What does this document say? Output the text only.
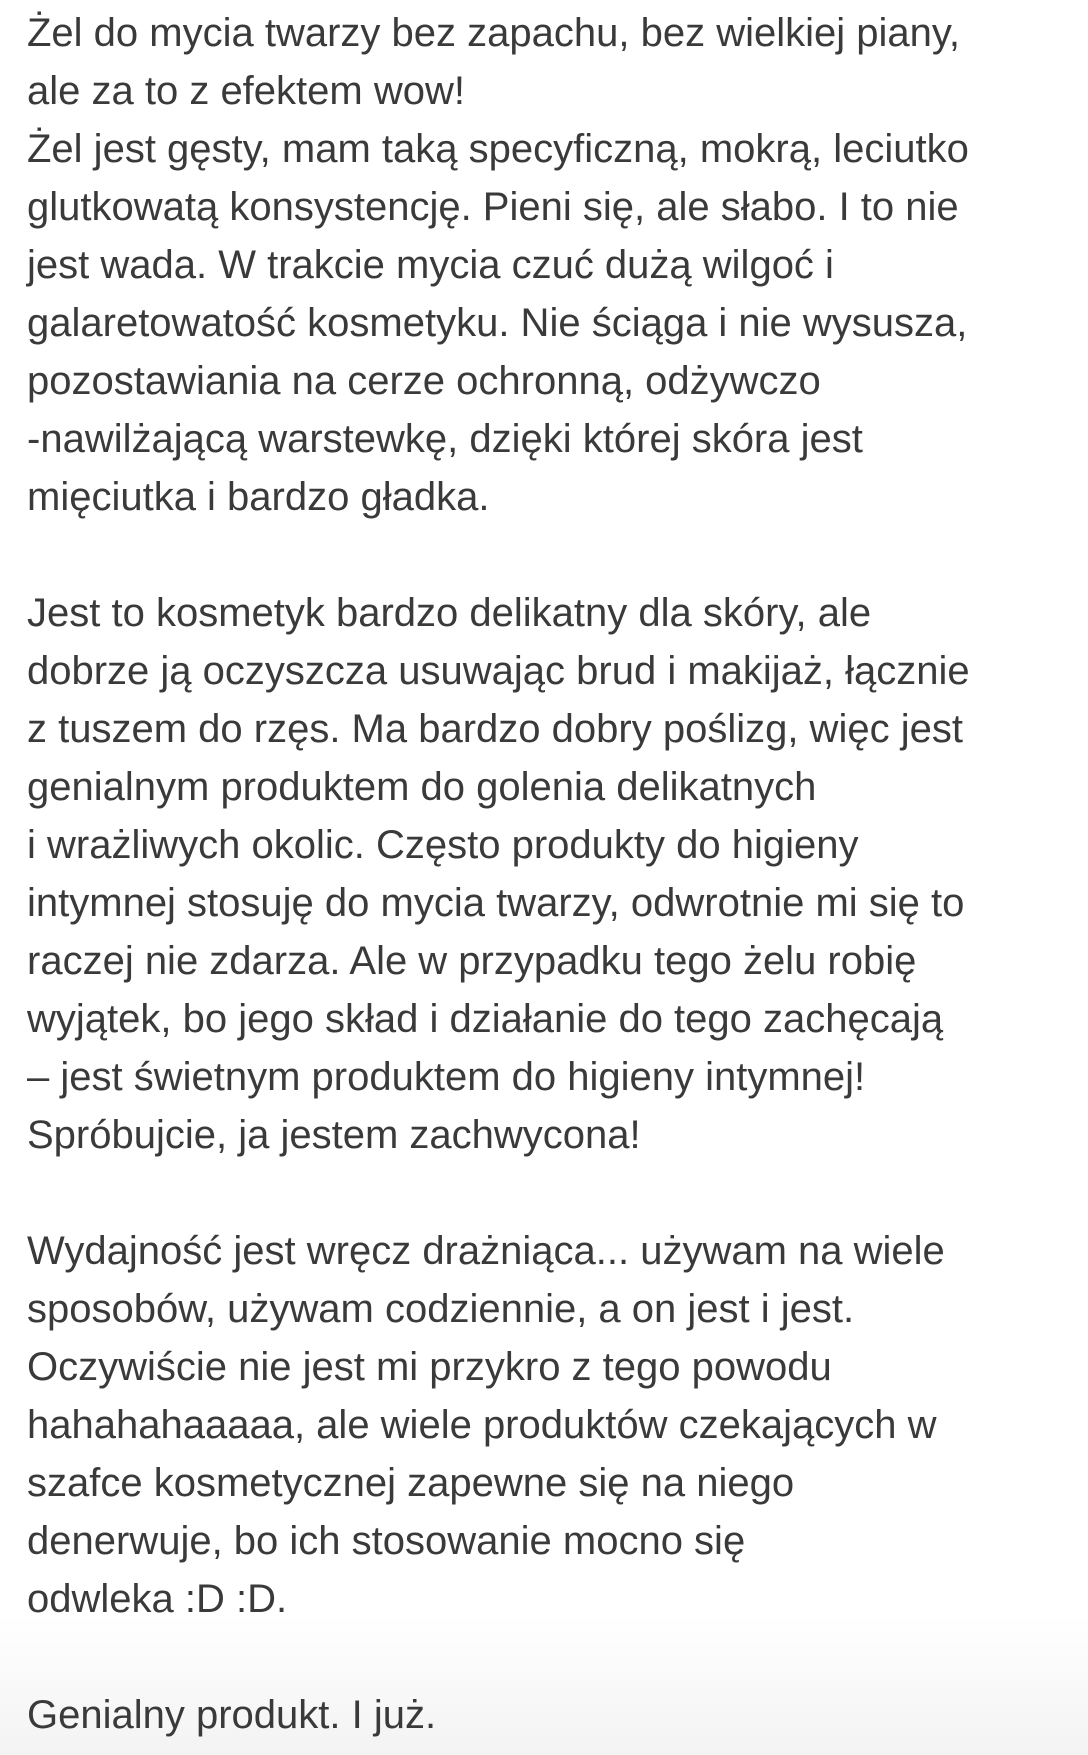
Żel do mycia twarzy bez zapachu, bez wielkiej piany,
ale za to z efektem wow!
Żel jest gęsty, mam taką specyficzną, mokrą, leciutko
glutkowatą konsystencję. Pieni się, ale słabo. I to nie
jest wada. W trakcie mycia czuć dużą wilgoć i
galaretowatość kosmetyku. Nie ściąga i nie wysusza,
pozostawiania na cerze ochronną, odżywczo
-nawilżającą warstewkę, dzięki której skóra jest
mięciutka i bardzo gładka.
Jest to kosmetyk bardzo delikatny dla skóry, ale
dobrze ją oczyszcza usuwając brud i makijaż, łącznie
z tuszem do rzęs. Ma bardzo dobry poślizg, więc jest
genialnym produktem do golenia delikatnych
i wrażliwych okolic. Często produkty do higieny
intymnej stosuję do mycia twarzy, odwrotnie mi się to
raczej nie zdarza. Ale w przypadku tego żelu robię
wyjątek, bo jego skład i działanie do tego zachęcają
– jest świetnym produktem do higieny intymnej!
Spróbujcie, ja jestem zachwycona!
Wydajność jest wręcz drażniąca... używam na wiele
sposobów, używam codziennie, a on jest i jest.
Oczywiście nie jest mi przykro z tego powodu
hahahahaaaaa, ale wiele produktów czekających w
szafce kosmetycznej zapewne się na niego
denerwuje, bo ich stosowanie mocno się
odwleka :D :D.
Genialny produkt. I już.
